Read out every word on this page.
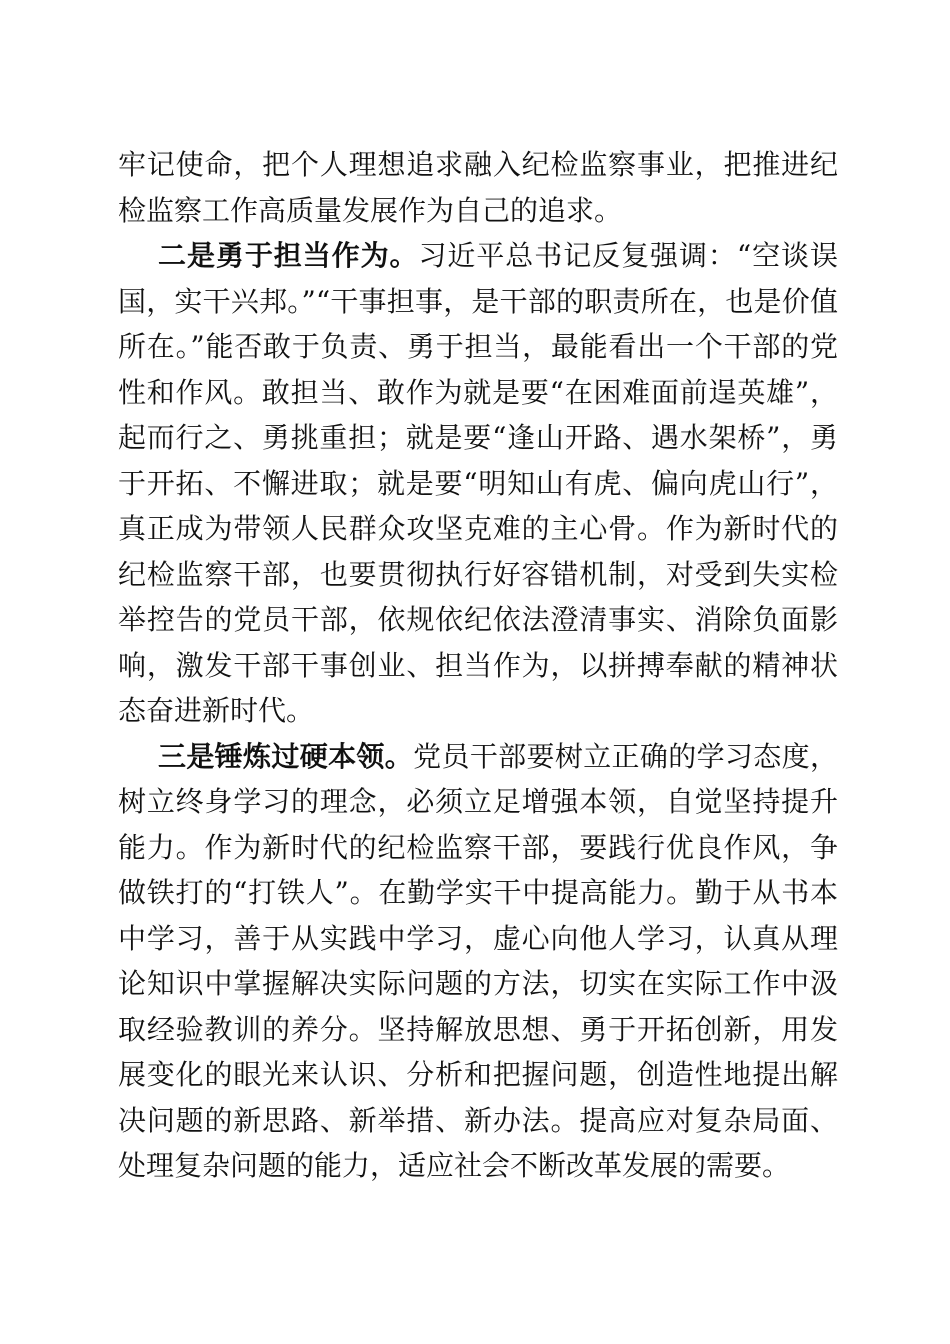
牢记使命，把个人理想追求融入纪检监察事业，把推进纪检监察工作高质量发展作为自己的追求。

二是勇于担当作为。习近平总书记反复强调：“空谈误国，实干兴邦。”“干事担事，是干部的职责所在，也是价值所在。”能否敢于负责、勇于担当，最能看出一个干部的党性和作风。敢担当、敢作为就是要“在困难面前逞英雄”，起而行之、勇挑重担；就是要“逢山开路、遇水架桥”，勇于开拓、不懈进取；就是要“明知山有虎、偏向虎山行”，真正成为带领人民群众攻坚克难的主心骨。作为新时代的纪检监察干部，也要贯彻执行好容错机制，对受到失实检举控告的党员干部，依规依纪依法澄清事实、消除负面影响，激发干部干事创业、担当作为，以拼搏奉献的精神状态奋进新时代。

三是锤炼过硬本领。党员干部要树立正确的学习态度，树立终身学习的理念，必须立足增强本领，自觉坚持提升能力。作为新时代的纪检监察干部，要践行优良作风，争做铁打的“打铁人”。在勤学实干中提高能力。勤于从书本中学习，善于从实践中学习，虚心向他人学习，认真从理论知识中掌握解决实际问题的方法，切实在实际工作中汲取经验教训的养分。坚持解放思想、勇于开拓创新，用发展变化的眼光来认识、分析和把握问题，创造性地提出解决问题的新思路、新举措、新办法。提高应对复杂局面、处理复杂问题的能力，适应社会不断改革发展的需要。
